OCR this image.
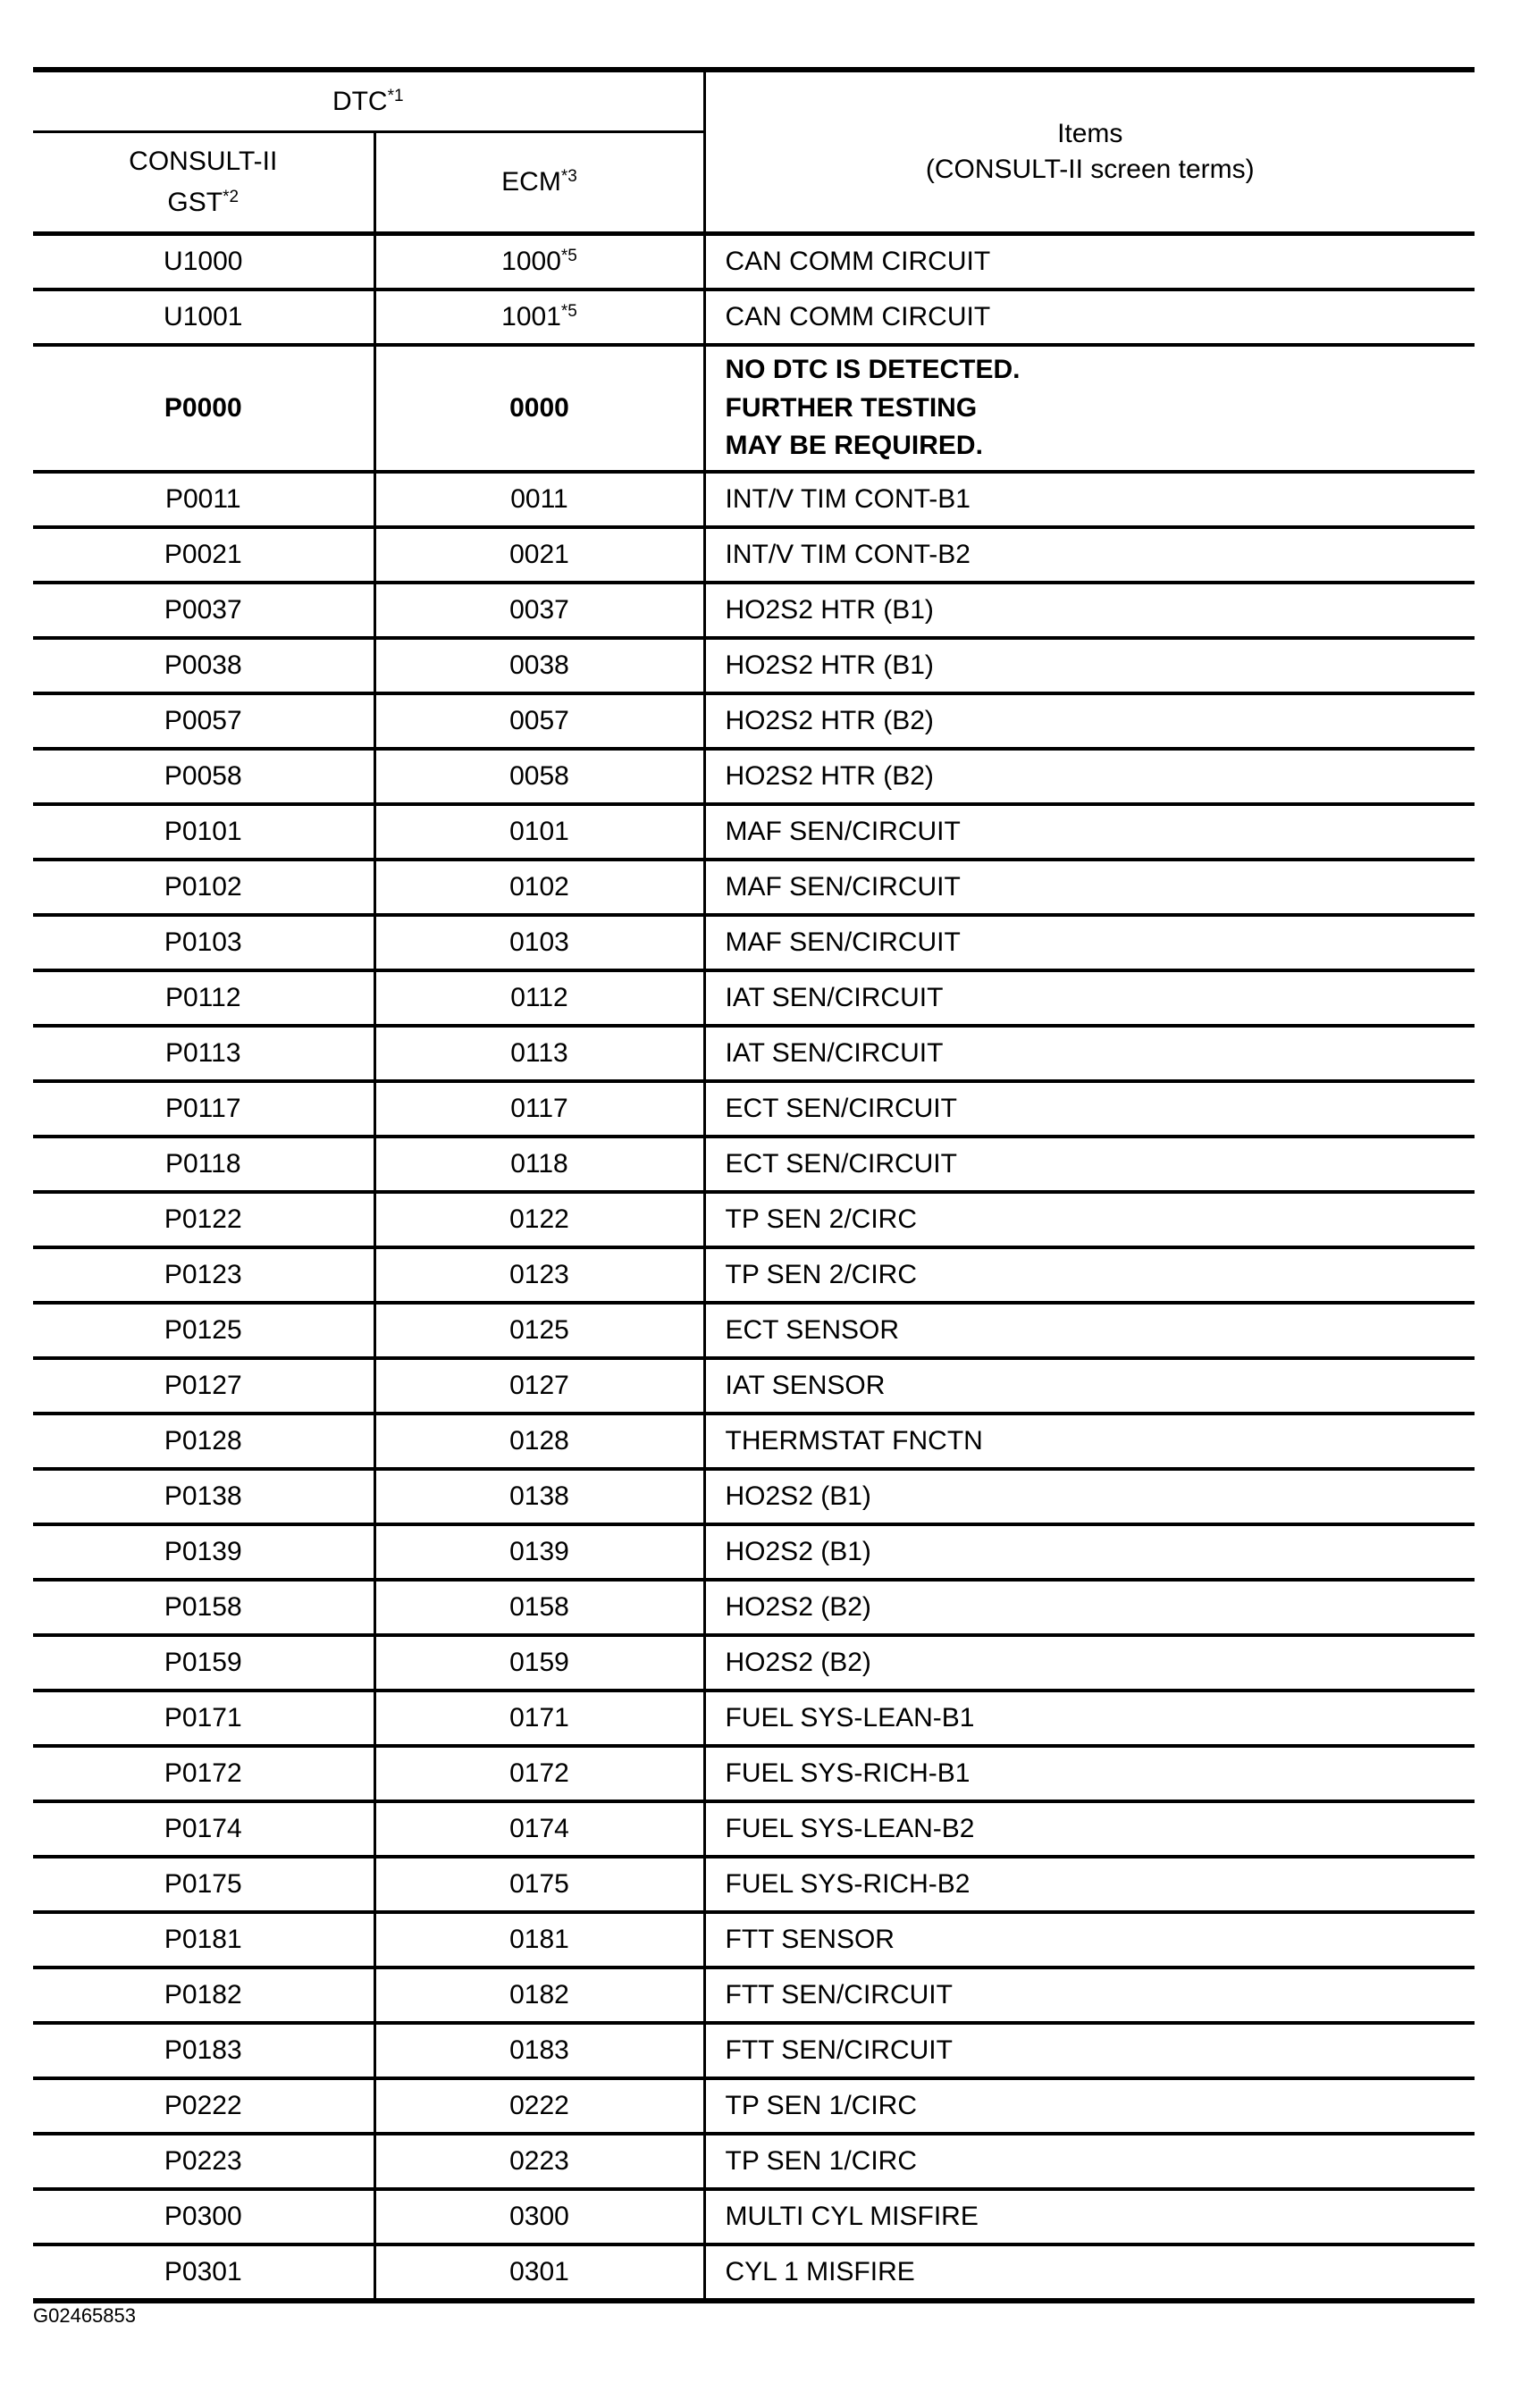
DTC$^{*1}$		Items
(CONSULT-II screen terms)
CONSULT-II
GST$^{*2}$	ECM$^{*3}$
U1000	1000$^{*5}$	CAN COMM CIRCUIT
U1001	1001$^{*5}$	CAN COMM CIRCUIT
P0000	0000	NO DTC IS DETECTED.
FURTHER TESTING
MAY BE REQUIRED.

P0011	0011	INT/V TIM CONT-B1
P0021	0021	INT/V TIM CONT-B2
P0037	0037	HO2S2 HTR (B1)
P0038	0038	HO2S2 HTR (B1)
P0057	0057	HO2S2 HTR (B2)
P0058	0058	HO2S2 HTR (B2)
P0101	0101	MAF SEN/CIRCUIT
P0102	0102	MAF SEN/CIRCUIT
P0103	0103	MAF SEN/CIRCUIT
P0112	0112	IAT SEN/CIRCUIT
P0113	0113	IAT SEN/CIRCUIT
P0117	0117	ECT SEN/CIRCUIT
P0118	0118	ECT SEN/CIRCUIT
P0122	0122	TP SEN 2/CIRC
P0123	0123	TP SEN 2/CIRC
P0125	0125	ECT SENSOR
P0127	0127	IAT SENSOR
P0128	0128	THERMSTAT FNCTN
P0138	0138	HO2S2 (B1)
P0139	0139	HO2S2 (B1)
P0158	0158	HO2S2 (B2)
P0159	0159	HO2S2 (B2)
P0171	0171	FUEL SYS-LEAN-B1
P0172	0172	FUEL SYS-RICH-B1
P0174	0174	FUEL SYS-LEAN-B2
P0175	0175	FUEL SYS-RICH-B2
P0181	0181	FTT SENSOR
P0182	0182	FTT SEN/CIRCUIT
P0183	0183	FTT SEN/CIRCUIT
P0222	0222	TP SEN 1/CIRC
P0223	0223	TP SEN 1/CIRC
P0300	0300	MULTI CYL MISFIRE
P0301	0301	CYL 1 MISFIRE
G02465853
